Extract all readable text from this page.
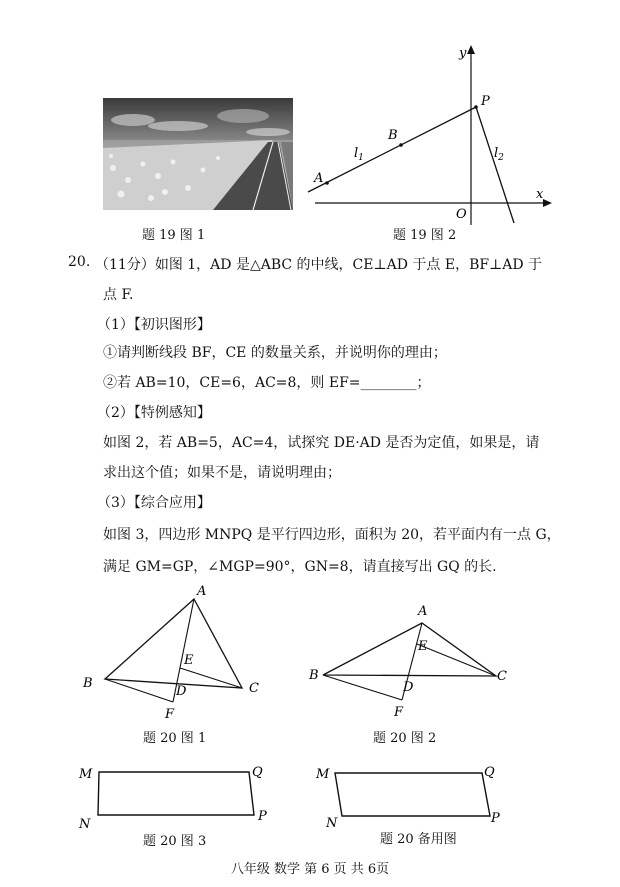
题 19 图 1
y
x
O
P
A
B
$l_1$	$l_2$
题 19 图 2
20. （11分）如图 1，AD 是△ABC 的中线，CE⊥AD 于点 E，BF⊥AD 于
点 F.
（1）【初识图形】
①请判断线段 BF，CE 的数量关系，并说明你的理由；
②若 AB=10，CE=6，AC=8，则 EF=________；
（2）【特例感知】
如图 2，若 AB=5，AC=4，试探究 DE·AD 是否为定值，如果是，请
求出这个值；如果不是，请说明理由；
（3）【综合应用】
如图 3，四边形 MNPQ 是平行四边形，面积为 20，若平面内有一点 G，
满足 GM=GP，∠MGP=90°，GN=8，请直接写出 GQ 的长.
A
B	C
D
E
F
题 20 图 1
A
B	C
D
E
F
题 20 图 2
M	Q
N
P
题 20 图 3
M	Q
N	P
题 20 备用图
八年级 数学 第 6 页 共 6页
